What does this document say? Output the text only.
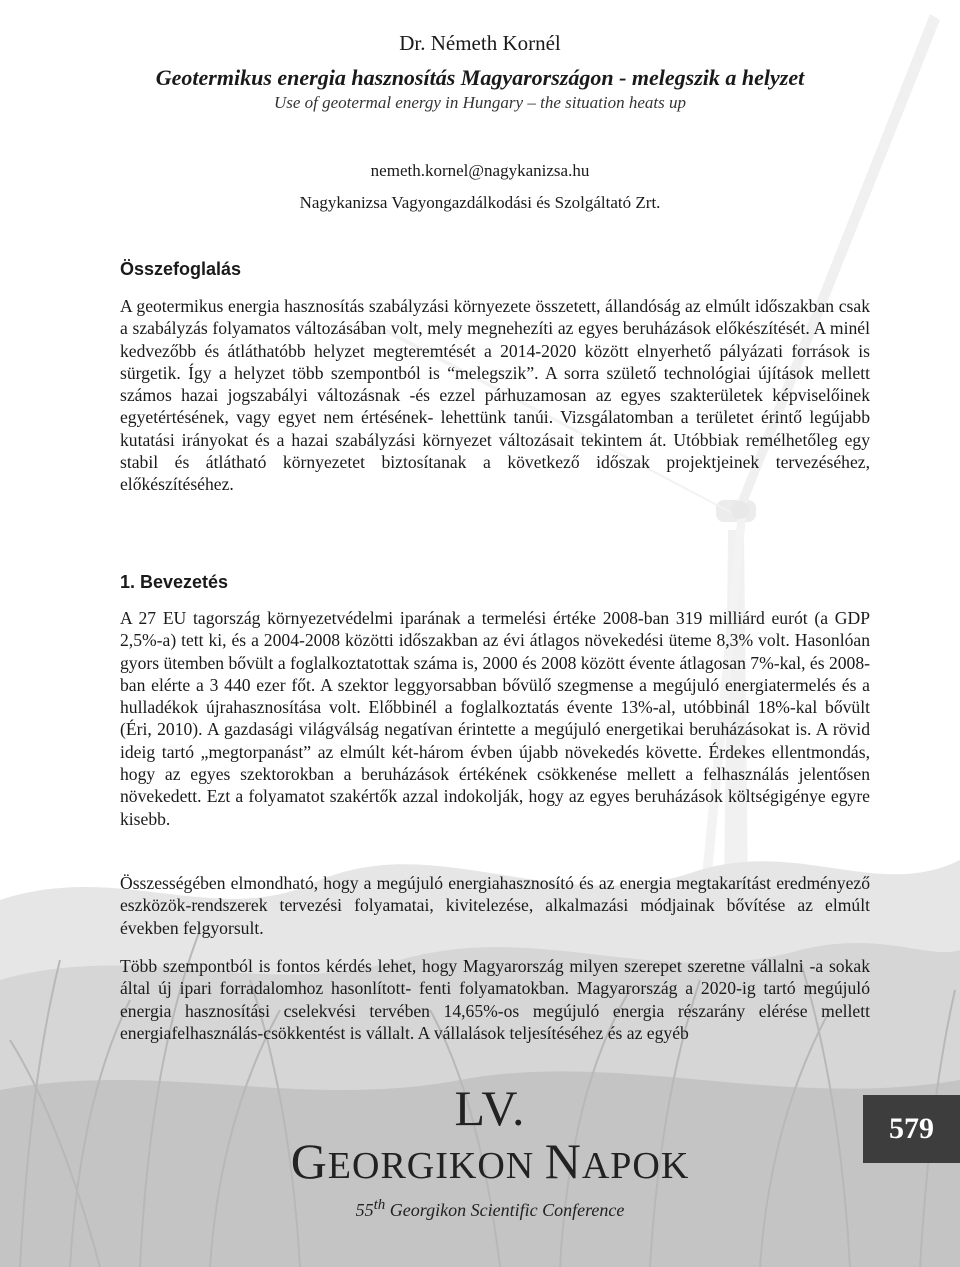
Dr. Németh Kornél
Geotermikus energia hasznosítás Magyarországon - melegszik a helyzet
Use of geotermal energy in Hungary – the situation heats up
nemeth.kornel@nagykanizsa.hu
Nagykanizsa Vagyongazdálkodási és Szolgáltató Zrt.
Összefoglalás

A geotermikus energia hasznosítás szabályzási környezete összetett, állandóság az elmúlt időszakban csak a szabályzás folyamatos változásában volt, mely megnehezíti az egyes beruházások előkészítését. A minél kedvezőbb és átláthatóbb helyzet megteremtését a 2014-2020 között elnyerhető pályázati források is sürgetik. Így a helyzet több szempontból is “melegszik”. A sorra születő technológiai újítások mellett számos hazai jogszabályi változásnak -és ezzel párhuzamosan az egyes szakterületek képviselőinek egyetértésének, vagy egyet nem értésének- lehettünk tanúi. Vizsgálatomban a területet érintő legújabb kutatási irányokat és a hazai szabályzási környezet változásait tekintem át. Utóbbiak remélhetőleg egy stabil és átlátható környezetet biztosítanak a következő időszak projektjeinek tervezéséhez, előkészítéséhez.

1. Bevezetés

A 27 EU tagország környezetvédelmi iparának a termelési értéke 2008-ban 319 milliárd eurót (a GDP 2,5%-a) tett ki, és a 2004-2008 közötti időszakban az évi átlagos növekedési üteme 8,3% volt. Hasonlóan gyors ütemben bővült a foglalkoztatottak száma is, 2000 és 2008 között évente átlagosan 7%-kal, és 2008-ban elérte a 3 440 ezer főt. A szektor leggyorsabban bővülő szegmense a megújuló energiatermelés és a hulladékok újrahasznosítása volt. Előbbinél a foglalkoztatás évente 13%-al, utóbbinál 18%-kal bővült (Éri, 2010). A gazdasági világválság negatívan érintette a megújuló energetikai beruházásokat is. A rövid ideig tartó „megtorpanást” az elmúlt két-három évben újabb növekedés követte. Érdekes ellentmondás, hogy az egyes szektorokban a beruházások értékének csökkenése mellett a felhasználás jelentősen növekedett. Ezt a folyamatot szakértők azzal indokolják, hogy az egyes beruházások költségigénye egyre kisebb.

Összességében elmondható, hogy a megújuló energiahasznosító és az energia megtakarítást eredményező eszközök-rendszerek tervezési folyamatai, kivitelezése, alkalmazási módjainak bővítése az elmúlt években felgyorsult.

Több szempontból is fontos kérdés lehet, hogy Magyarország milyen szerepet szeretne vállalni -a sokak által új ipari forradalomhoz hasonlított- fenti folyamatokban. Magyarország a 2020-ig tartó megújuló energia hasznosítási cselekvési tervében 14,65%-os megújuló energia részarány elérése mellett energiafelhasználás-csökkentést is vállalt. A vállalások teljesítéséhez és az egyéb

LV.
GEORGIKON NAPOK
55th Georgikon Scientific Conference
579
